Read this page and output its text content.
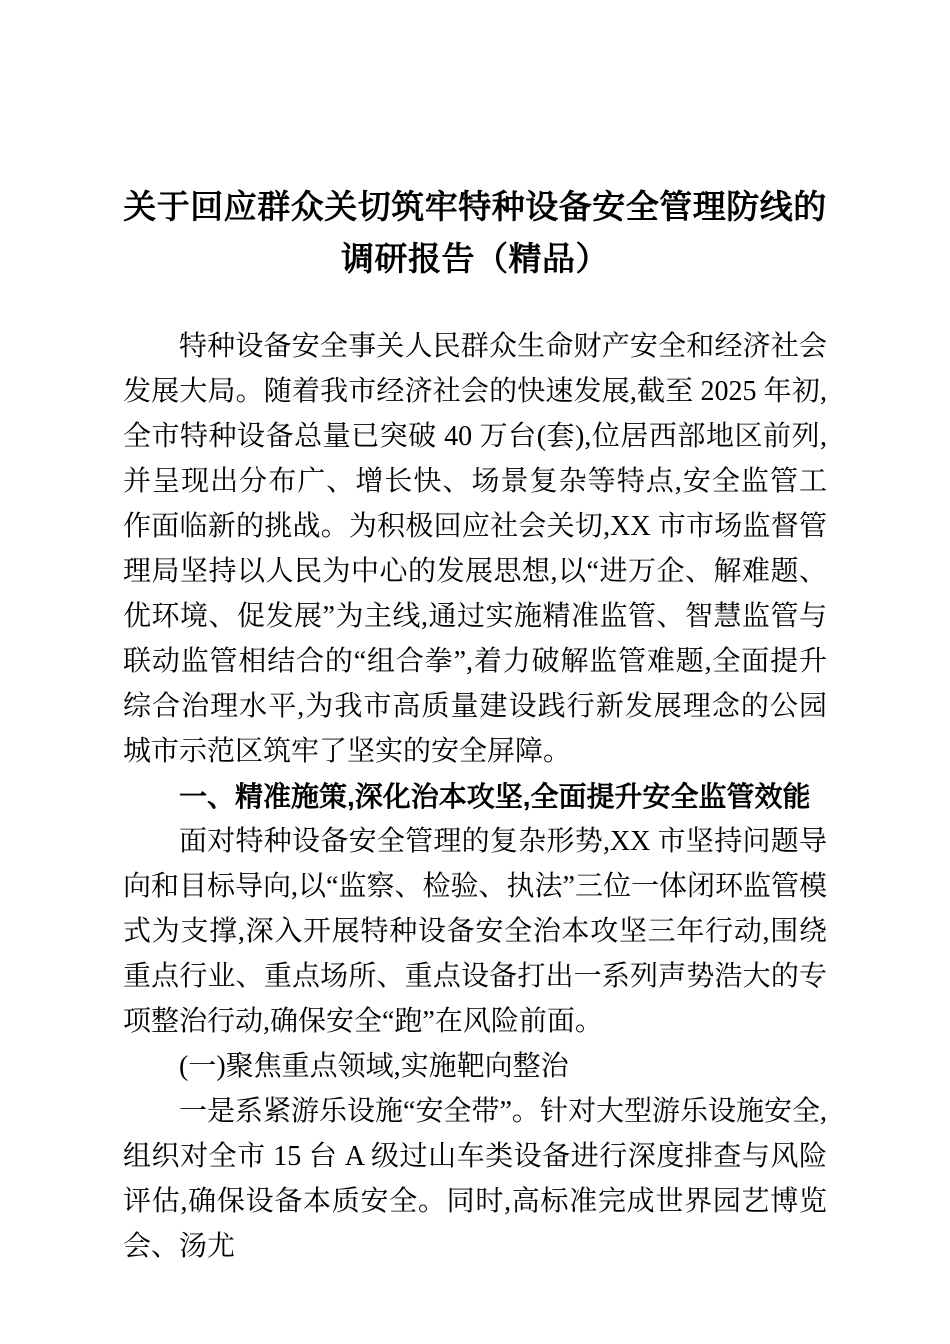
关于回应群众关切筑牢特种设备安全管理防线的
调研报告（精品）

特种设备安全事关人民群众生命财产安全和经济社会发展大局。随着我市经济社会的快速发展,截至 2025 年初,全市特种设备总量已突破 40 万台(套),位居西部地区前列,并呈现出分布广、增长快、场景复杂等特点,安全监管工作面临新的挑战。为积极回应社会关切,XX 市市场监督管理局坚持以人民为中心的发展思想,以“进万企、解难题、优环境、促发展”为主线,通过实施精准监管、智慧监管与联动监管相结合的“组合拳”,着力破解监管难题,全面提升综合治理水平,为我市高质量建设践行新发展理念的公园城市示范区筑牢了坚实的安全屏障。

一、精准施策,深化治本攻坚,全面提升安全监管效能

面对特种设备安全管理的复杂形势,XX 市坚持问题导向和目标导向,以“监察、检验、执法”三位一体闭环监管模式为支撑,深入开展特种设备安全治本攻坚三年行动,围绕重点行业、重点场所、重点设备打出一系列声势浩大的专项整治行动,确保安全“跑”在风险前面。

(一)聚焦重点领域,实施靶向整治

一是系紧游乐设施“安全带”。针对大型游乐设施安全,组织对全市 15 台 A 级过山车类设备进行深度排查与风险评估,确保设备本质安全。同时,高标准完成世界园艺博览会、汤尤
